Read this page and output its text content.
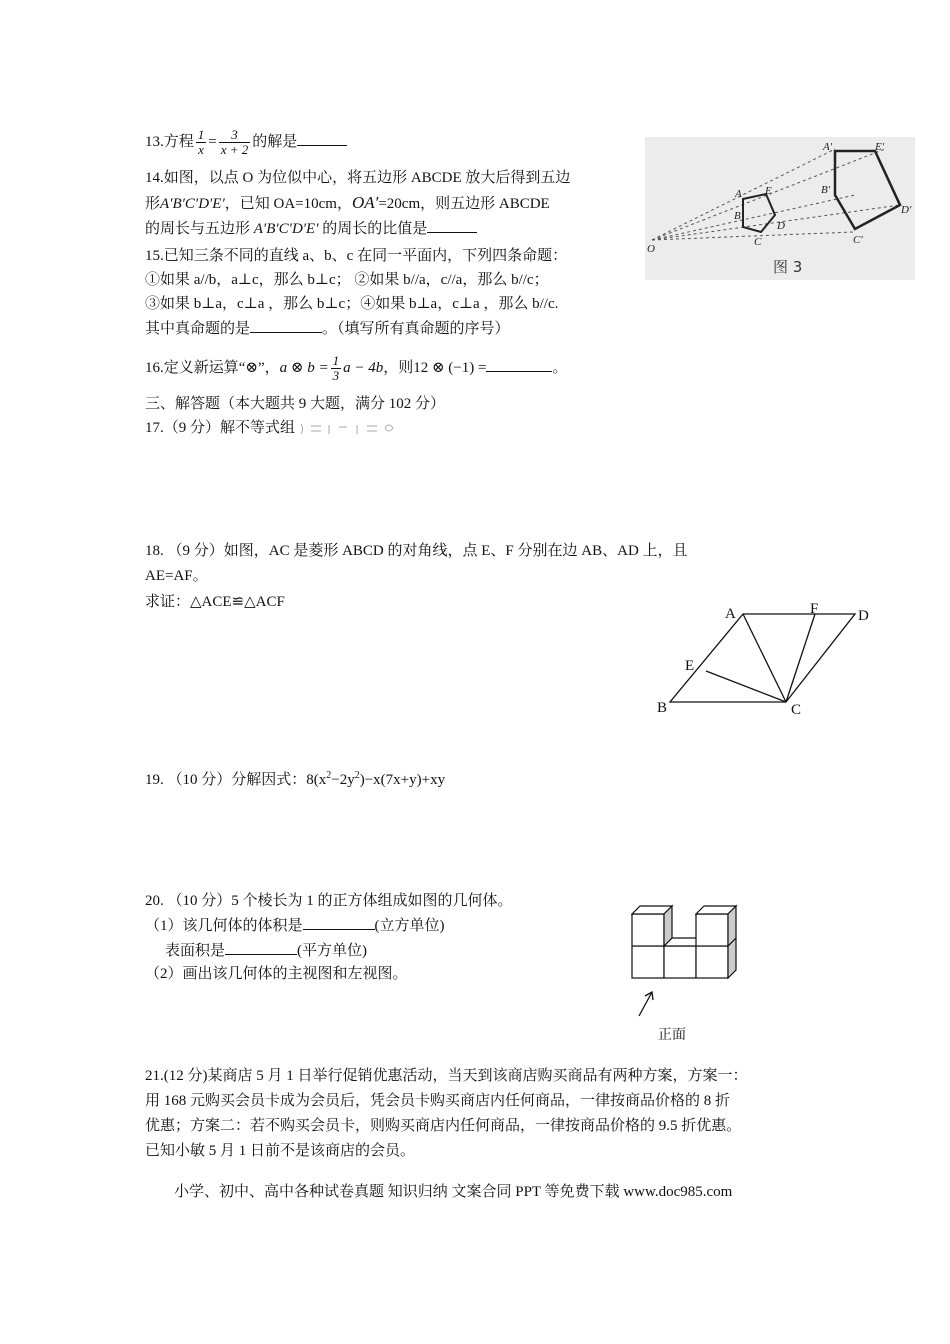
13.方程 $\frac{1}{x} = \frac{3}{x + 2}$ 的解是
14.如图，以点 O 为位似中心，将五边形 ABCDE 放大后得到五边
形A′B′C′D′E′，已知 OA=10cm，OA′=20cm，则五边形 ABCDE
的周长与五边形 A′B′C′D′E′ 的周长的比值是
O
A E
B
C
D
A′	E′
B′
C′
D′
图 3
15.已知三条不同的直线 a、b、c 在同一平面内，下列四条命题：
①如果 a//b，a⊥c，那么 b⊥c； ②如果 b//a，c//a，那么 b//c；
③如果 b⊥a，c⊥a ，那么 b⊥c；④如果 b⊥a，c⊥a ，那么 b//c.
其中真命题的是	。（填写所有真命题的序号）
16.定义新运算“⊗”，a ⊗ $b = \frac{1}{3}$ a − 4b，则12 ⊗ (−1) =	。
三、解答题（本大题共 9 大题，满分 102 分）
17.（9 分）解不等式组
18. （9 分）如图，AC 是菱形 ABCD 的对角线，点 E、F 分别在边 AB、AD 上，且
AE=AF。
求证：△ACE≌△ACF
A	F	D
E
B	C
19. （10 分）分解因式：$8(x^2-2y^2)-x(7x+y)+xy$
20. （10 分）5 个棱长为 1 的正方体组成如图的几何体。
（1）该几何体的体积是	(立方单位)
表面积是	(平方单位)
（2）画出该几何体的主视图和左视图。
正面
21.(12 分)某商店 5 月 1 日举行促销优惠活动，当天到该商店购买商品有两种方案，方案一：
用 168 元购买会员卡成为会员后，凭会员卡购买商店内任何商品，一律按商品价格的 8 折
优惠；方案二：若不购买会员卡，则购买商店内任何商品，一律按商品价格的 9.5 折优惠。
已知小敏 5 月 1 日前不是该商店的会员。
小学、初中、高中各种试卷真题 知识归纳 文案合同 PPT 等免费下载 www.doc985.com
